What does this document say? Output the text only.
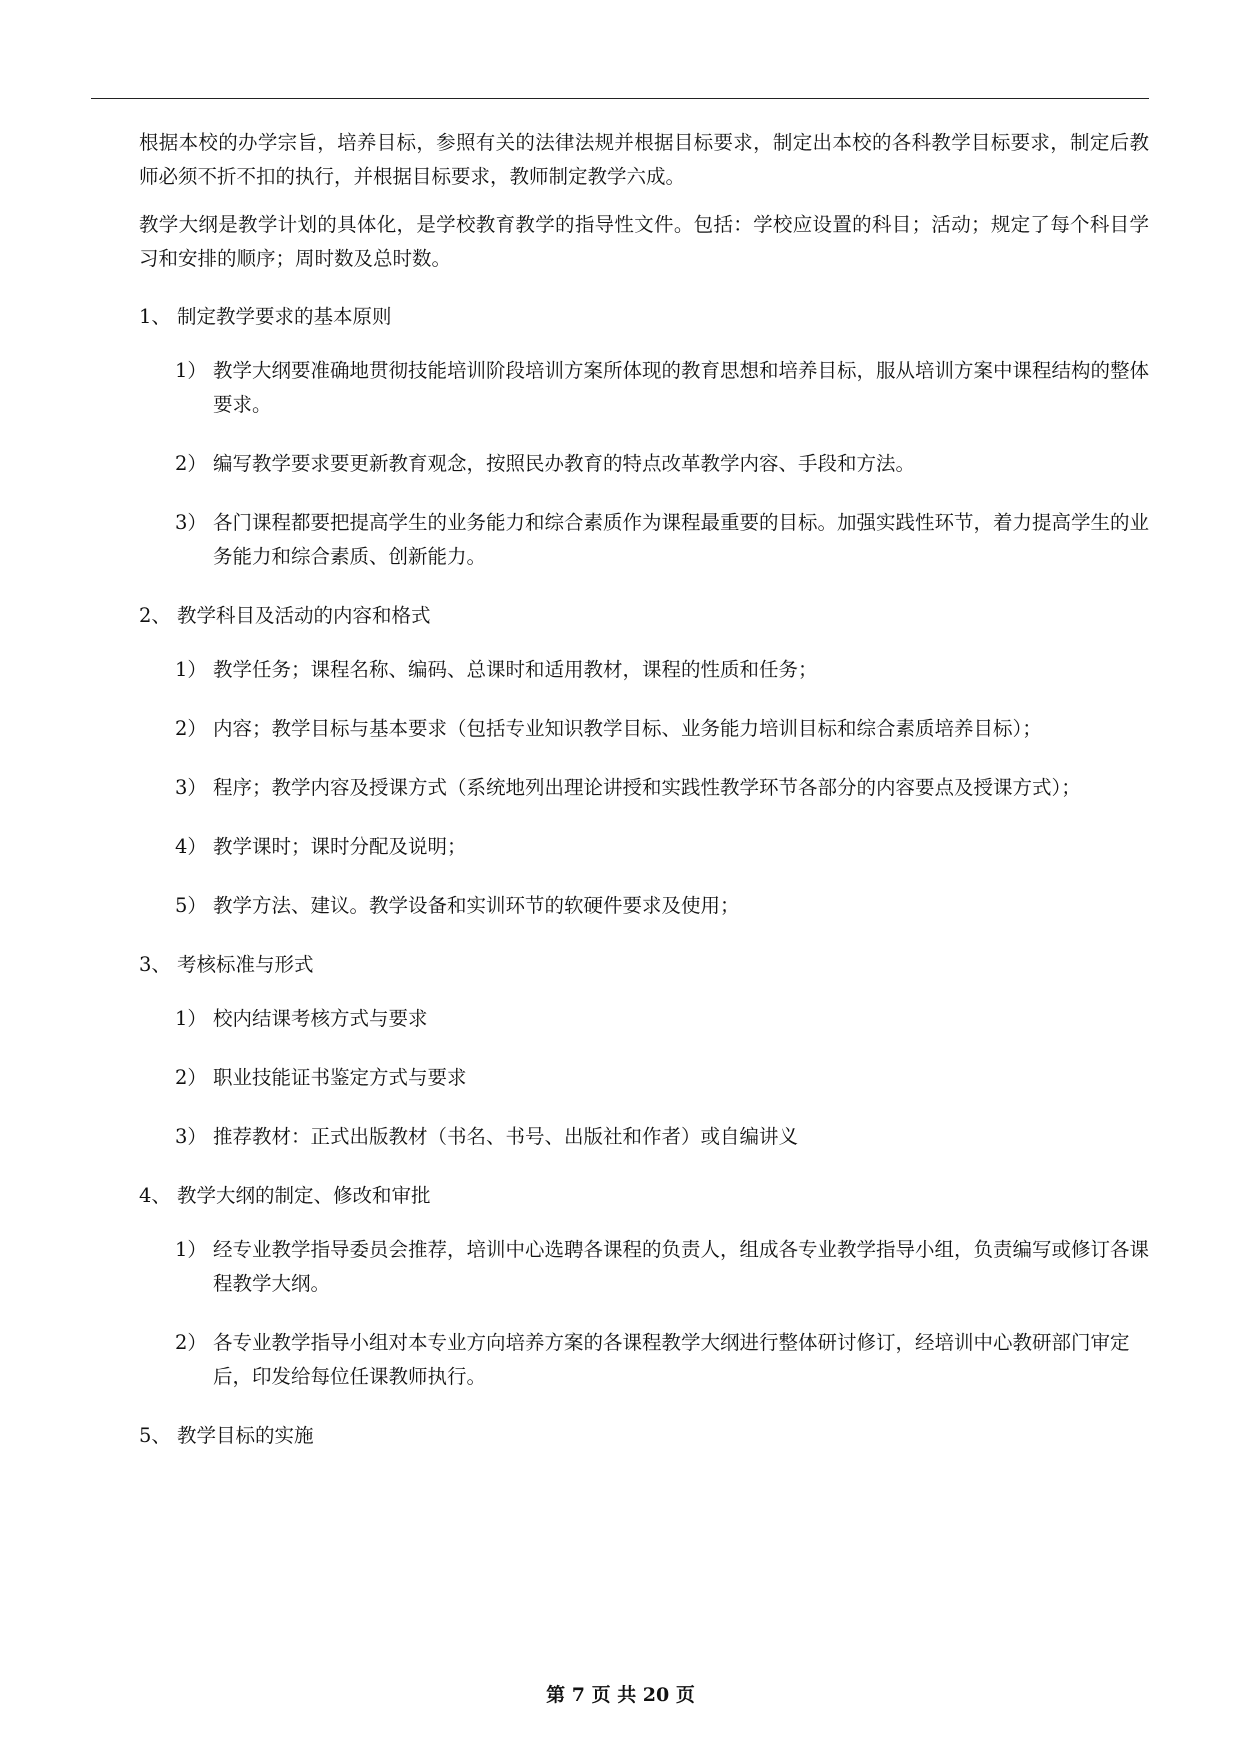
根据本校的办学宗旨，培养目标，参照有关的法律法规并根据目标要求，制定出本校的各科教学目标要求，制定后教师必须不折不扣的执行，并根据目标要求，教师制定教学六成。

教学大纲是教学计划的具体化，是学校教育教学的指导性文件。包括：学校应设置的科目；活动；规定了每个科目学习和安排的顺序；周时数及总时数。

1、 制定教学要求的基本原则
1） 教学大纲要准确地贯彻技能培训阶段培训方案所体现的教育思想和培养目标，服从培训方案中课程结构的整体要求。
2） 编写教学要求要更新教育观念，按照民办教育的特点改革教学内容、手段和方法。
3） 各门课程都要把提高学生的业务能力和综合素质作为课程最重要的目标。加强实践性环节，着力提高学生的业务能力和综合素质、创新能力。
2、 教学科目及活动的内容和格式
1） 教学任务；课程名称、编码、总课时和适用教材，课程的性质和任务；
2） 内容；教学目标与基本要求（包括专业知识教学目标、业务能力培训目标和综合素质培养目标）；
3） 程序；教学内容及授课方式（系统地列出理论讲授和实践性教学环节各部分的内容要点及授课方式）；
4） 教学课时；课时分配及说明；
5） 教学方法、建议。教学设备和实训环节的软硬件要求及使用；
3、 考核标准与形式
1） 校内结课考核方式与要求
2） 职业技能证书鉴定方式与要求
3） 推荐教材：正式出版教材（书名、书号、出版社和作者）或自编讲义
4、 教学大纲的制定、修改和审批
1） 经专业教学指导委员会推荐，培训中心选聘各课程的负责人，组成各专业教学指导小组，负责编写或修订各课程教学大纲。
2） 各专业教学指导小组对本专业方向培养方案的各课程教学大纲进行整体研讨修订，经培训中心教研部门审定后，印发给每位任课教师执行。
5、 教学目标的实施
第 7 页 共 20 页
